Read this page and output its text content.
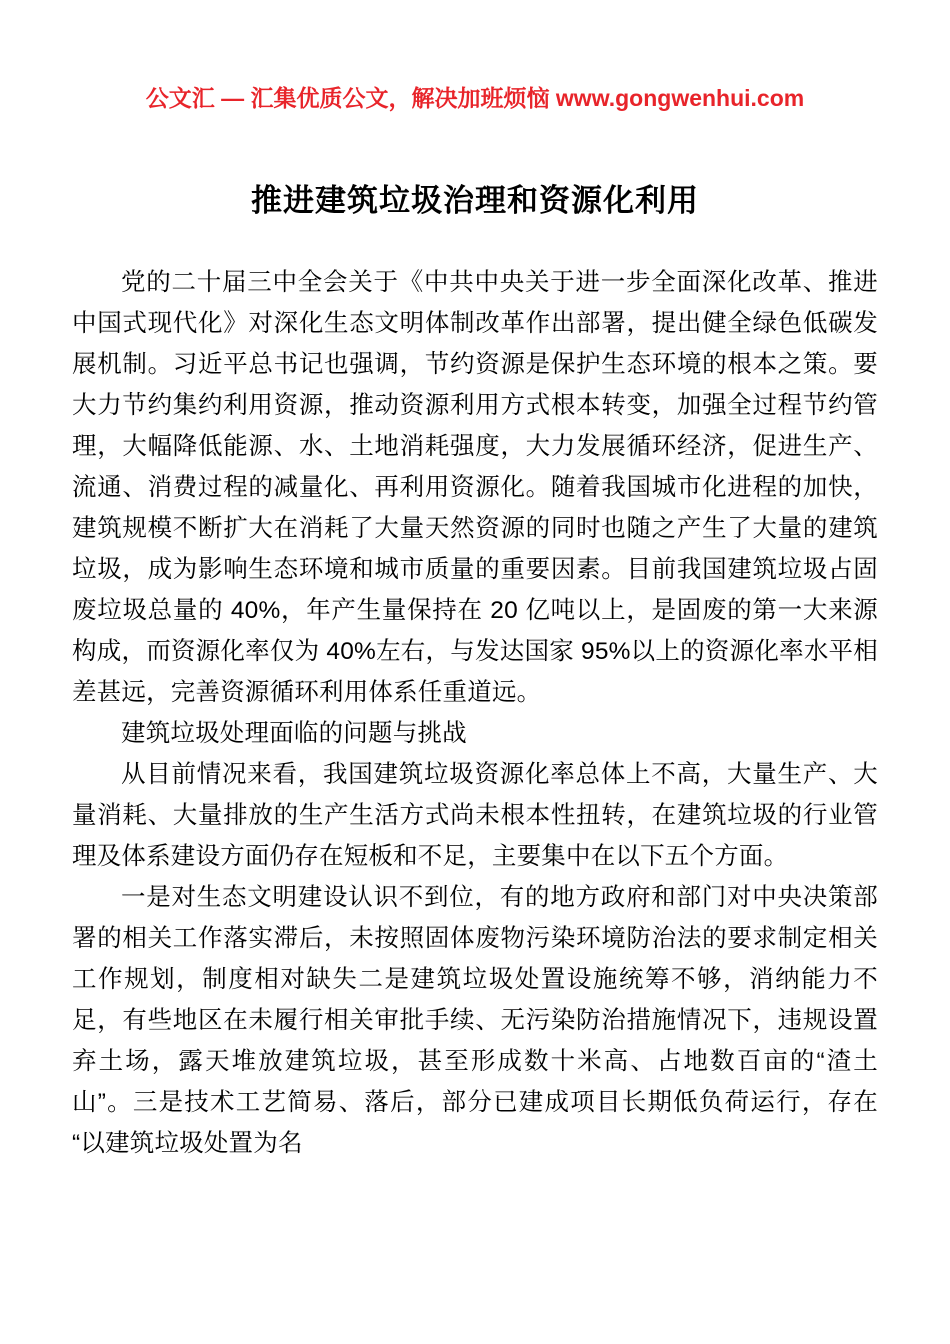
公文汇 — 汇集优质公文，解决加班烦恼 www.gongwenhui.com
推进建筑垃圾治理和资源化利用

党的二十届三中全会关于《中共中央关于进一步全面深化改革、推进中国式现代化》对深化生态文明体制改革作出部署，提出健全绿色低碳发展机制。习近平总书记也强调，节约资源是保护生态环境的根本之策。要大力节约集约利用资源，推动资源利用方式根本转变，加强全过程节约管理，大幅降低能源、水、土地消耗强度，大力发展循环经济，促进生产、流通、消费过程的减量化、再利用资源化。随着我国城市化进程的加快，建筑规模不断扩大在消耗了大量天然资源的同时也随之产生了大量的建筑垃圾，成为影响生态环境和城市质量的重要因素。目前我国建筑垃圾占固废垃圾总量的 40%，年产生量保持在 20 亿吨以上，是固废的第一大来源构成，而资源化率仅为 40%左右，与发达国家 95%以上的资源化率水平相差甚远，完善资源循环利用体系任重道远。

建筑垃圾处理面临的问题与挑战

从目前情况来看，我国建筑垃圾资源化率总体上不高，大量生产、大量消耗、大量排放的生产生活方式尚未根本性扭转，在建筑垃圾的行业管理及体系建设方面仍存在短板和不足，主要集中在以下五个方面。

一是对生态文明建设认识不到位，有的地方政府和部门对中央决策部署的相关工作落实滞后，未按照固体废物污染环境防治法的要求制定相关工作规划，制度相对缺失二是建筑垃圾处置设施统筹不够，消纳能力不足，有些地区在未履行相关审批手续、无污染防治措施情况下，违规设置弃土场，露天堆放建筑垃圾，甚至形成数十米高、占地数百亩的“渣土山”。三是技术工艺简易、落后，部分已建成项目长期低负荷运行，存在“以建筑垃圾处置为名
